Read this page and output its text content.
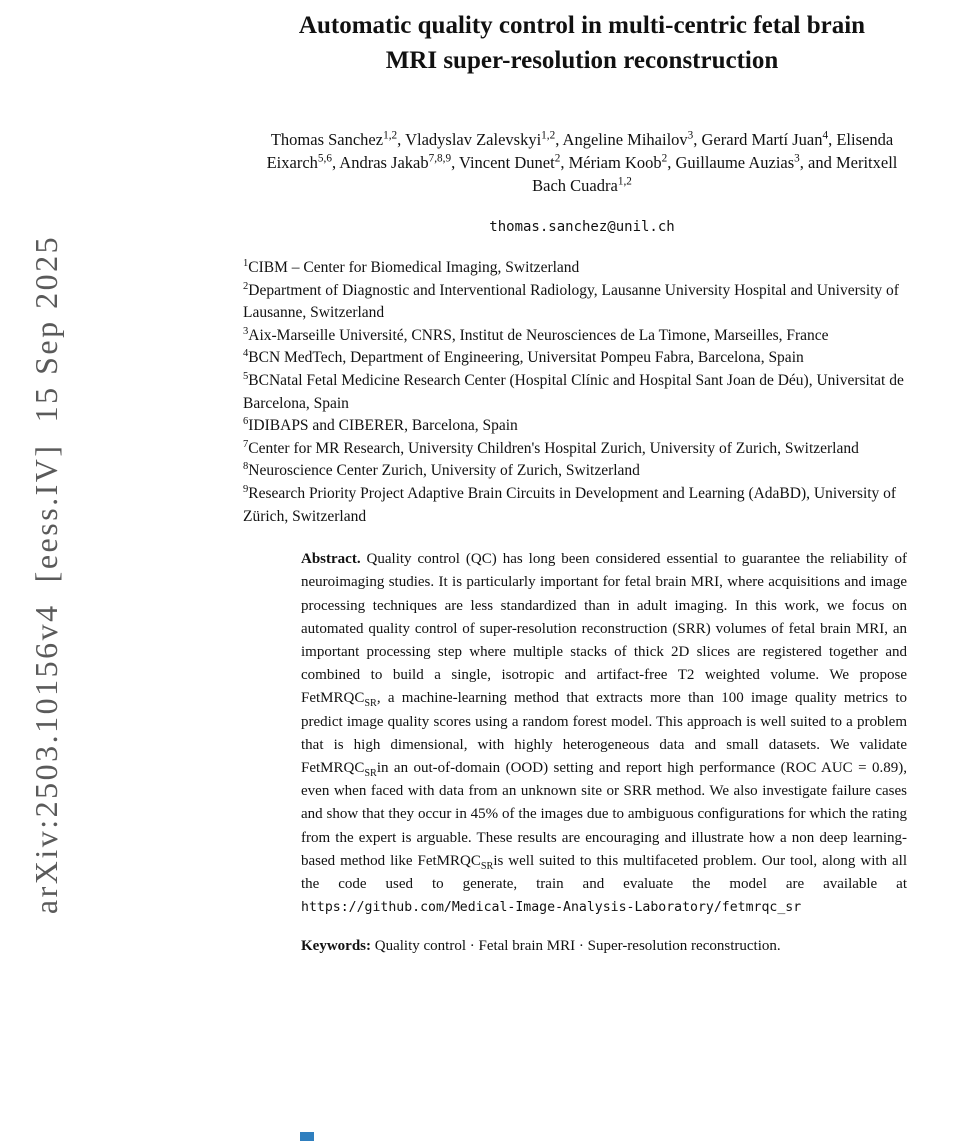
arXiv:2503.10156v4  [eess.IV]  15 Sep 2025

Automatic quality control in multi-centric fetal brain MRI super-resolution reconstruction

Thomas Sanchez$^{1,2}$, Vladyslav Zalevskyi$^{1,2}$, Angeline Mihailov$^3$, Gerard Martí Juan$^4$, Elisenda Eixarch$^{5,6}$, Andras Jakab$^{7,8,9}$, Vincent Dunet$^2$, Mériam Koob$^2$, Guillaume Auzias$^3$, and Meritxell Bach Cuadra$^{1,2}$

thomas.sanchez@unil.ch

$^1$CIBM – Center for Biomedical Imaging, Switzerland
$^2$Department of Diagnostic and Interventional Radiology, Lausanne University Hospital and University of Lausanne, Switzerland
$^3$Aix-Marseille Université, CNRS, Institut de Neurosciences de La Timone, Marseilles, France
$^4$BCN MedTech, Department of Engineering, Universitat Pompeu Fabra, Barcelona, Spain
$^5$BCNatal Fetal Medicine Research Center (Hospital Clínic and Hospital Sant Joan de Déu), Universitat de Barcelona, Spain
$^6$IDIBAPS and CIBERER, Barcelona, Spain
$^7$Center for MR Research, University Children's Hospital Zurich, University of Zurich, Switzerland
$^8$Neuroscience Center Zurich, University of Zurich, Switzerland
$^9$Research Priority Project Adaptive Brain Circuits in Development and Learning (AdaBD), University of Zürich, Switzerland
Abstract. Quality control (QC) has long been considered essential to guarantee the reliability of neuroimaging studies. It is particularly important for fetal brain MRI, where acquisitions and image processing techniques are less standardized than in adult imaging. In this work, we focus on automated quality control of super-resolution reconstruction (SRR) volumes of fetal brain MRI, an important processing step where multiple stacks of thick 2D slices are registered together and combined to build a single, isotropic and artifact-free T2 weighted volume. We propose FetMRQC$_{SR}$, a machine-learning method that extracts more than 100 image quality metrics to predict image quality scores using a random forest model. This approach is well suited to a problem that is high dimensional, with highly heterogeneous data and small datasets. We validate FetMRQC$_{SR}$in an out-of-domain (OOD) setting and report high performance (ROC AUC = 0.89), even when faced with data from an unknown site or SRR method. We also investigate failure cases and show that they occur in 45% of the images due to ambiguous configurations for which the rating from the expert is arguable. These results are encouraging and illustrate how a non deep learning-based method like FetMRQC$_{SR}$is well suited to this multifaceted problem. Our tool, along with all the code used to generate, train and evaluate the model are available at https://github.com/Medical-Image-Analysis-Laboratory/fetmrqc_sr

Keywords: Quality control · Fetal brain MRI · Super-resolution reconstruction.
